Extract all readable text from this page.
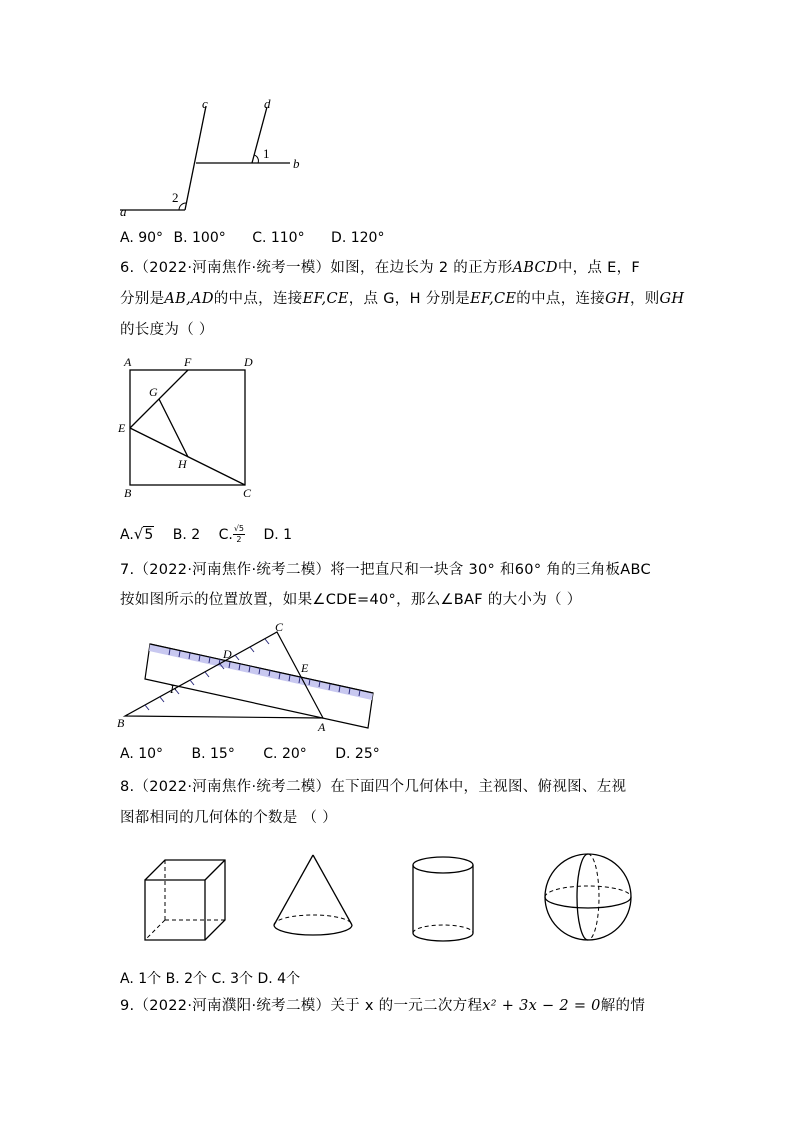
a
b
c	d
1
2
A. 90° B. 100° C. 110° D. 120°
6.（2022·河南焦作·统考一模）如图，在边长为 2 的正方形ABCD中，点 E，F
分别是AB,AD的中点，连接EF,CE，点 G，H 分别是EF,CE的中点，连接GH，则GH
的长度为（ ）
A	F	D
G
E
H
B	C
A.√5 B. 2 C. $\frac{√5}{2} D$. 1
7.（2022·河南焦作·统考二模）将一把直尺和一块含 30° 和60° 角的三角板ABC
按如图所示的位置放置，如果∠CDE=40°，那么∠BAF 的大小为（ ）
C
D
E
F
B	A
A. 10° B. 15° C. 20° D. 25°
8.（2022·河南焦作·统考二模）在下面四个几何体中，主视图、俯视图、左视
图都相同的几何体的个数是 （ ）
A. 1个 B. 2个 C. 3个 D. 4个
9.（2022·河南濮阳·统考二模）关于 x 的一元二次方程x² + 3x − 2 = 0解的情
